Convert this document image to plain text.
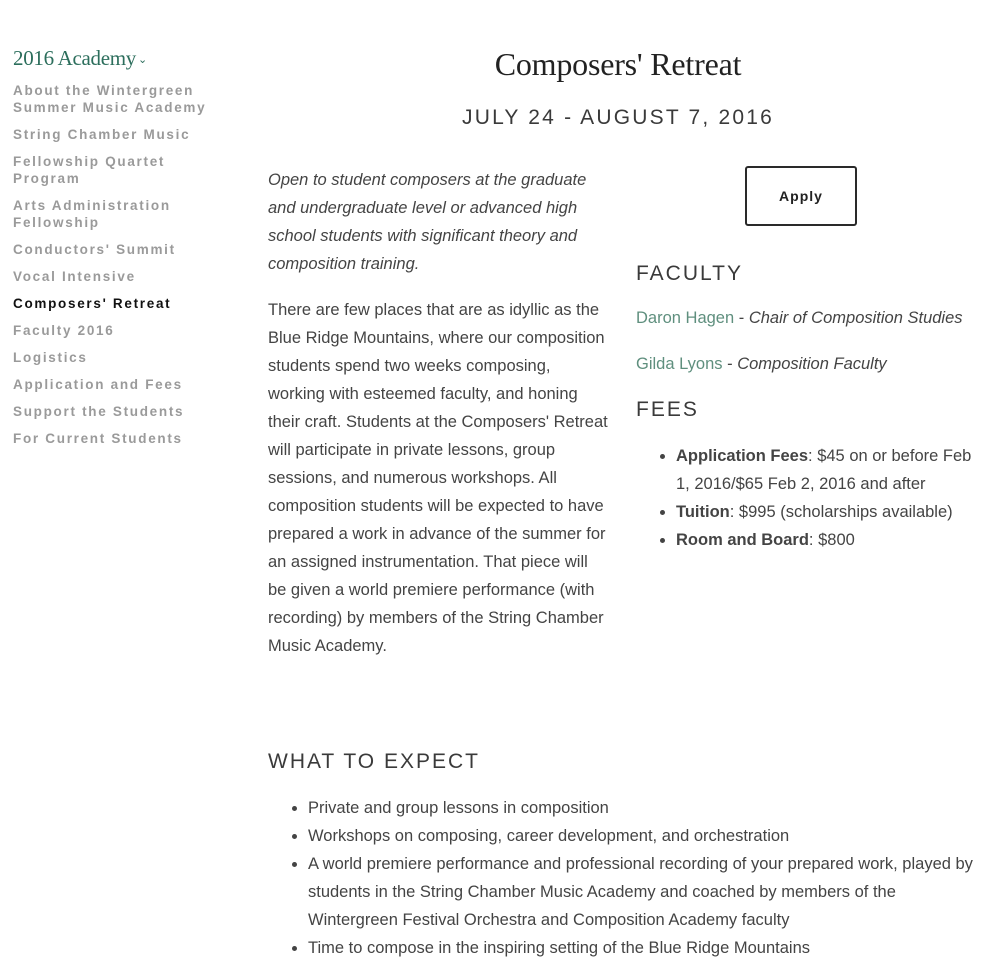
2016 Academy ⌄
About the Wintergreen Summer Music Academy
String Chamber Music
Fellowship Quartet Program
Arts Administration Fellowship
Conductors' Summit
Vocal Intensive
Composers' Retreat
Faculty 2016
Logistics
Application and Fees
Support the Students
For Current Students
Composers' Retreat
JULY 24 - AUGUST 7, 2016

Open to student composers at the graduate and undergraduate level or advanced high school students with significant theory and composition training.

There are few places that are as idyllic as the Blue Ridge Mountains, where our composition students spend two weeks composing, working with esteemed faculty, and honing their craft. Students at the Composers' Retreat will participate in private lessons, group sessions, and numerous workshops. All composition students will be expected to have prepared a work in advance of the summer for an assigned instrumentation. That piece will be given a world premiere performance (with recording) by members of the String Chamber Music Academy.

Apply
FACULTY

Daron Hagen - Chair of Composition Studies

Gilda Lyons - Composition Faculty

FEES
• Application Fees: $45 on or before Feb 1, 2016/$65 Feb 2, 2016 and after
• Tuition: $995 (scholarships available)
• Room and Board: $800
WHAT TO EXPECT
• Private and group lessons in composition
• Workshops on composing, career development, and orchestration
• A world premiere performance and professional recording of your prepared work, played by students in the String Chamber Music Academy and coached by members of the Wintergreen Festival Orchestra and Composition Academy faculty
• Time to compose in the inspiring setting of the Blue Ridge Mountains
